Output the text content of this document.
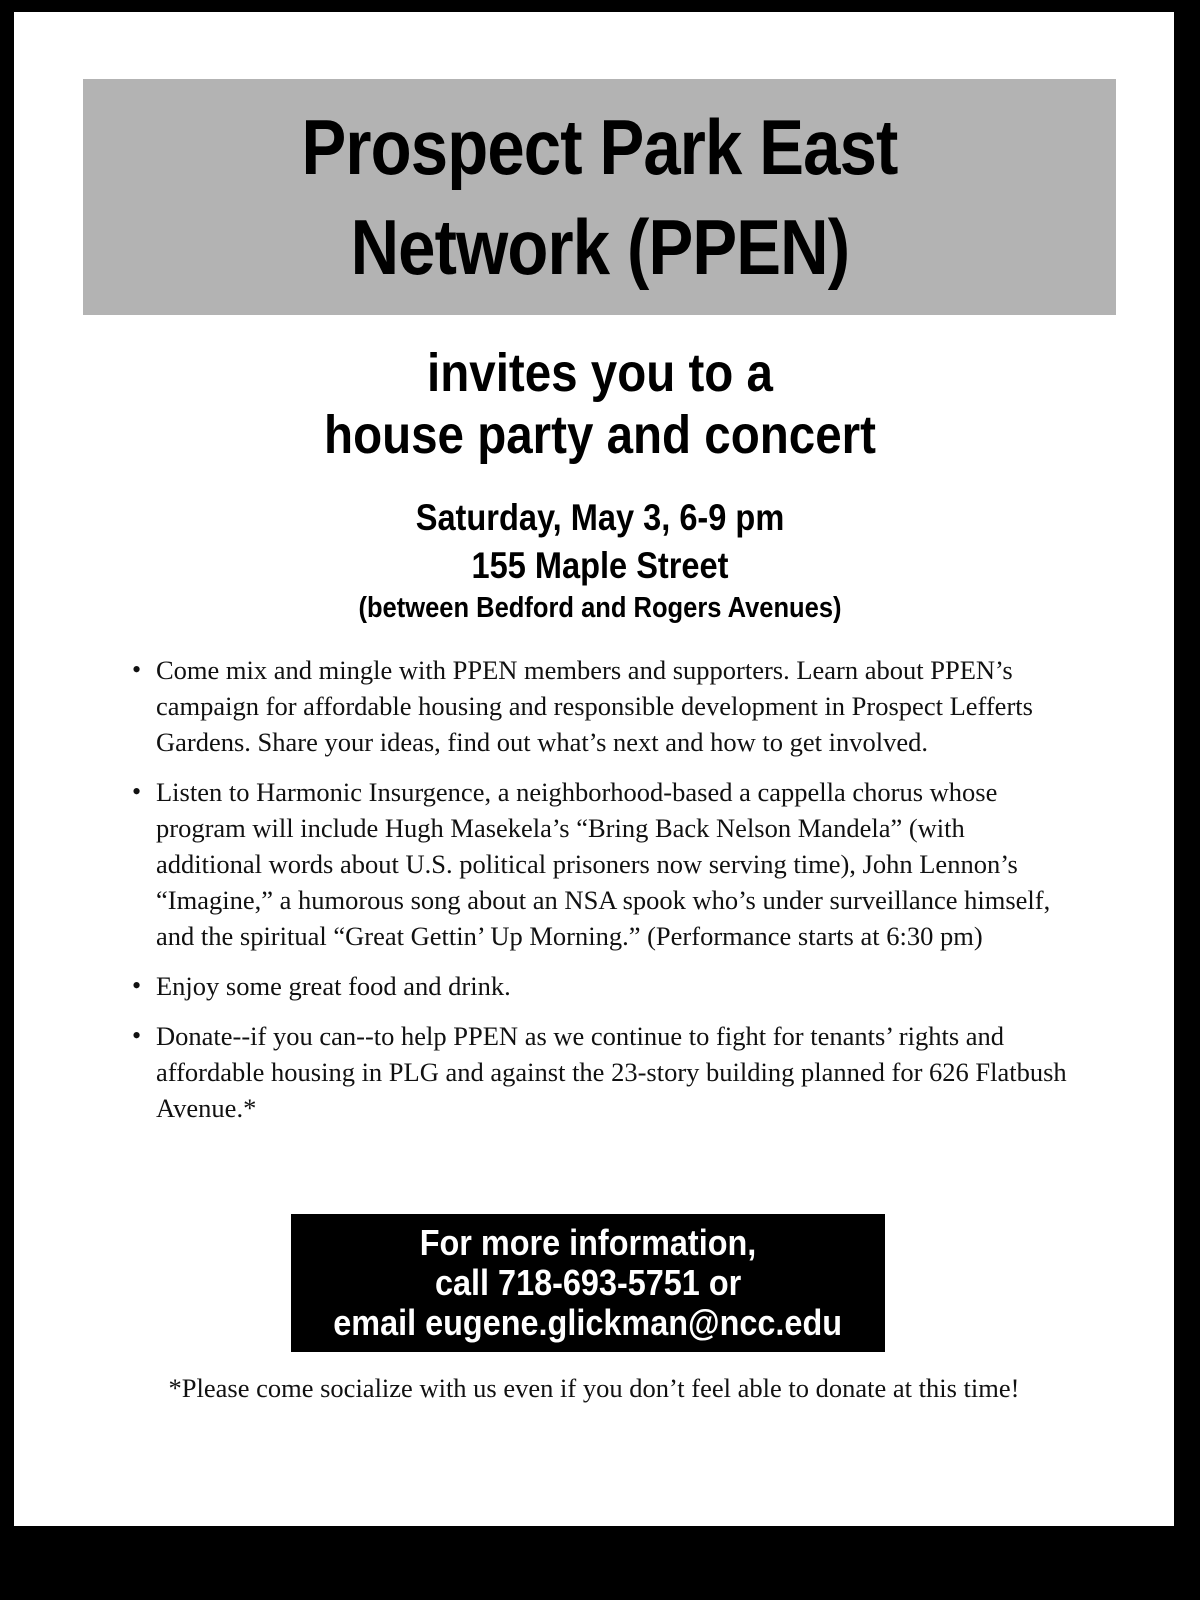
Prospect Park East
Network (PPEN)
invites you to a
house party and concert
Saturday, May 3, 6-9 pm
155 Maple Street
(between Bedford and Rogers Avenues)
• Come mix and mingle with PPEN members and supporters. Learn about PPEN’s campaign for affordable housing and responsible development in Prospect Lefferts Gardens. Share your ideas, find out what’s next and how to get involved.
• Listen to Harmonic Insurgence, a neighborhood-based a cappella chorus whose program will include Hugh Masekela’s “Bring Back Nelson Mandela” (with additional words about U.S. political prisoners now serving time), John Lennon’s “Imagine,” a humorous song about an NSA spook who’s under surveillance himself, and the spiritual “Great Gettin’ Up Morning.” (Performance starts at 6:30 pm)
• Enjoy some great food and drink.
• Donate--if you can--to help PPEN as we continue to fight for tenants’ rights and affordable housing in PLG and against the 23-story building planned for 626 Flatbush Avenue.*
For more information,
call 718-693-5751 or
email eugene.glickman@ncc.edu
*Please come socialize with us even if you don’t feel able to donate at this time!
